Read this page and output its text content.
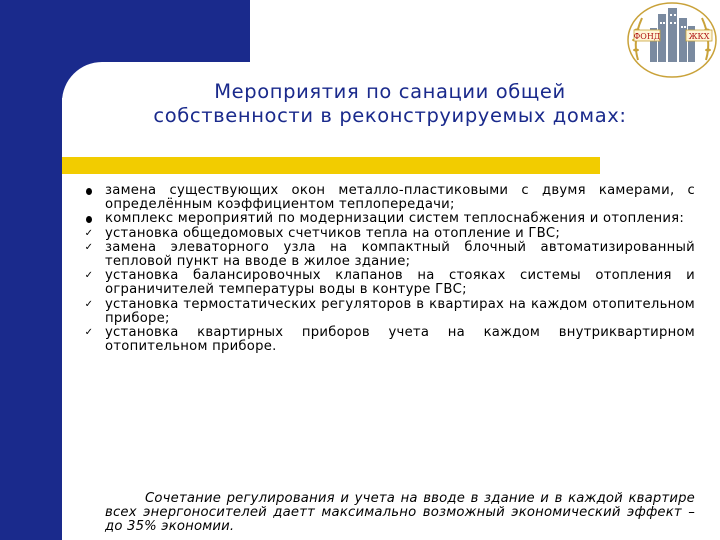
ФОНД	ЖКХ
Мероприятия по санации общей
собственности в реконструируемых домах:
замена существующих окон металло-пластиковыми с двумя камерами, с определённым коэффициентом теплопередачи;
комплекс мероприятий по модернизации систем теплоснабжения и отопления:
✓ установка общедомовых счетчиков тепла на отопление и ГВС;
✓ замена элеваторного узла на компактный блочный автоматизированный тепловой пункт на вводе в жилое здание;
✓ установка балансировочных клапанов на стояках системы отопления и ограничителей температуры воды в контуре ГВС;
✓ установка термостатических регуляторов в квартирах на каждом отопительном приборе;
✓ установка квартирных приборов учета на каждом внутриквартирном отопительном приборе.
Сочетание регулирования и учета на вводе в здание и в каждой квартире всех энергоносителей даетт максимально возможный экономический эффект – до 35% экономии.
